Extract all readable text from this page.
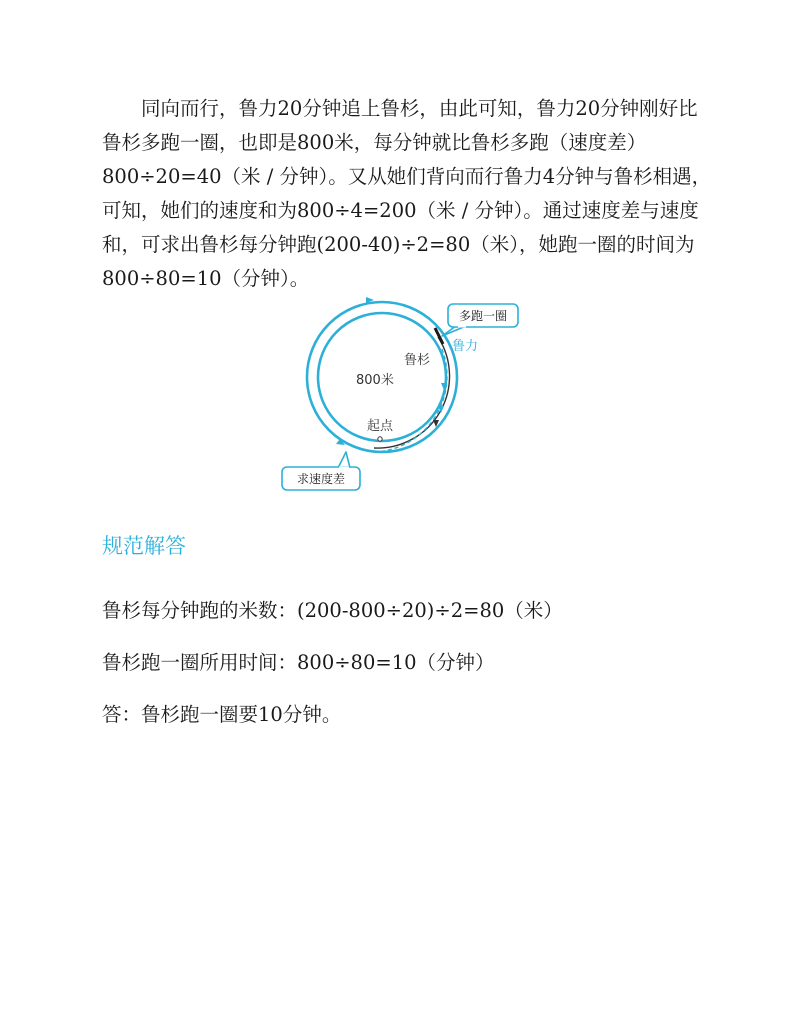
同向而行，鲁力20分钟追上鲁杉，由此可知，鲁力20分钟刚好比
鲁杉多跑一圈，也即是800米，每分钟就比鲁杉多跑（速度差）
800÷20=40（米 / 分钟）。又从她们背向而行鲁力4分钟与鲁杉相遇，
可知，她们的速度和为800÷4=200（米 / 分钟）。通过速度差与速度
和，可求出鲁杉每分钟跑(200-40)÷2=80（米），她跑一圈的时间为
800÷80=10（分钟）。

多跑一圈
鲁力
鲁杉
800米
起点
求速度差
规范解答

鲁杉每分钟跑的米数：(200-800÷20)÷2=80（米）

鲁杉跑一圈所用时间：800÷80=10（分钟）

答：鲁杉跑一圈要10分钟。
